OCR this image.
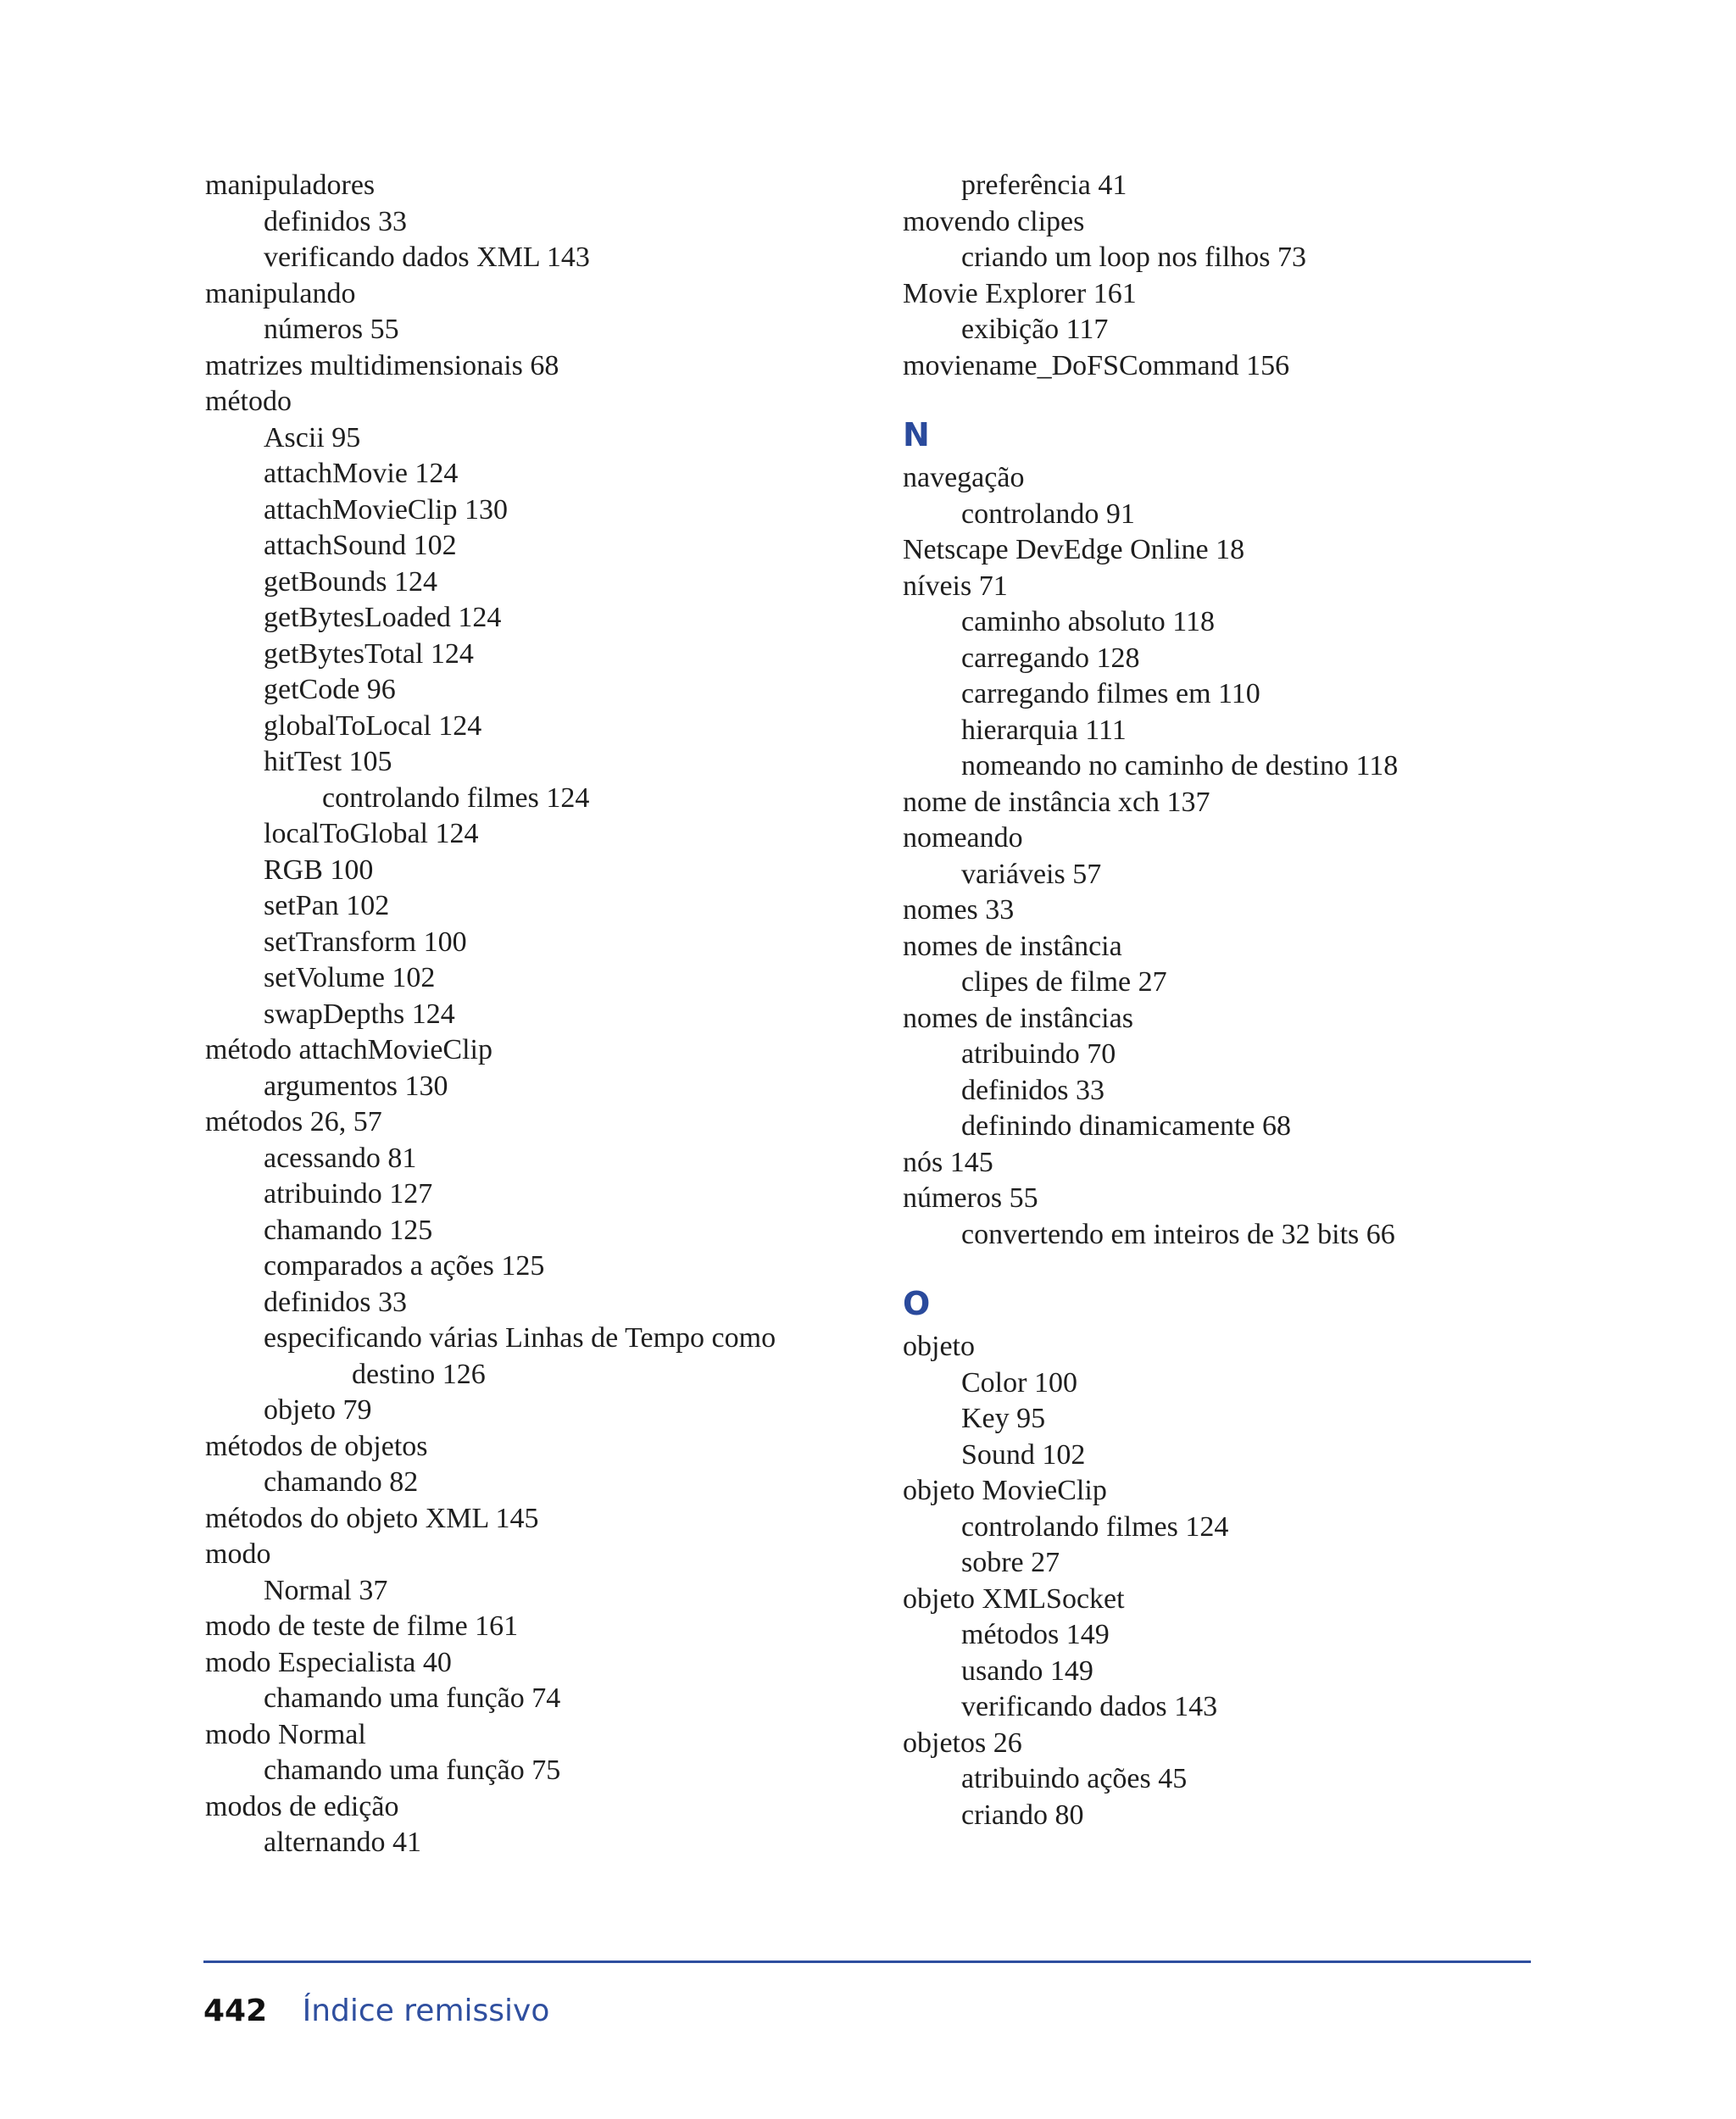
manipuladores
definidos 33
verificando dados XML 143
manipulando
números 55
matrizes multidimensionais 68
método
Ascii 95
attachMovie 124
attachMovieClip 130
attachSound 102
getBounds 124
getBytesLoaded 124
getBytesTotal 124
getCode 96
globalToLocal 124
hitTest 105
controlando filmes 124
localToGlobal 124
RGB 100
setPan 102
setTransform 100
setVolume 102
swapDepths 124
método attachMovieClip
argumentos 130
métodos 26, 57
acessando 81
atribuindo 127
chamando 125
comparados a ações 125
definidos 33
especificando várias Linhas de Tempo como
destino 126
objeto 79
métodos de objetos
chamando 82
métodos do objeto XML 145
modo
Normal 37
modo de teste de filme 161
modo Especialista 40
chamando uma função 74
modo Normal
chamando uma função 75
modos de edição
alternando 41
preferência 41
movendo clipes
criando um loop nos filhos 73
Movie Explorer 161
exibição 117
moviename_DoFSCommand 156
N
navegação
controlando 91
Netscape DevEdge Online 18
níveis 71
caminho absoluto 118
carregando 128
carregando filmes em 110
hierarquia 111
nomeando no caminho de destino 118
nome de instância xch 137
nomeando
variáveis 57
nomes 33
nomes de instância
clipes de filme 27
nomes de instâncias
atribuindo 70
definidos 33
definindo dinamicamente 68
nós 145
números 55
convertendo em inteiros de 32 bits 66
O
objeto
Color 100
Key 95
Sound 102
objeto MovieClip
controlando filmes 124
sobre 27
objeto XMLSocket
métodos 149
usando 149
verificando dados 143
objetos 26
atribuindo ações 45
criando 80
442 Índice remissivo
